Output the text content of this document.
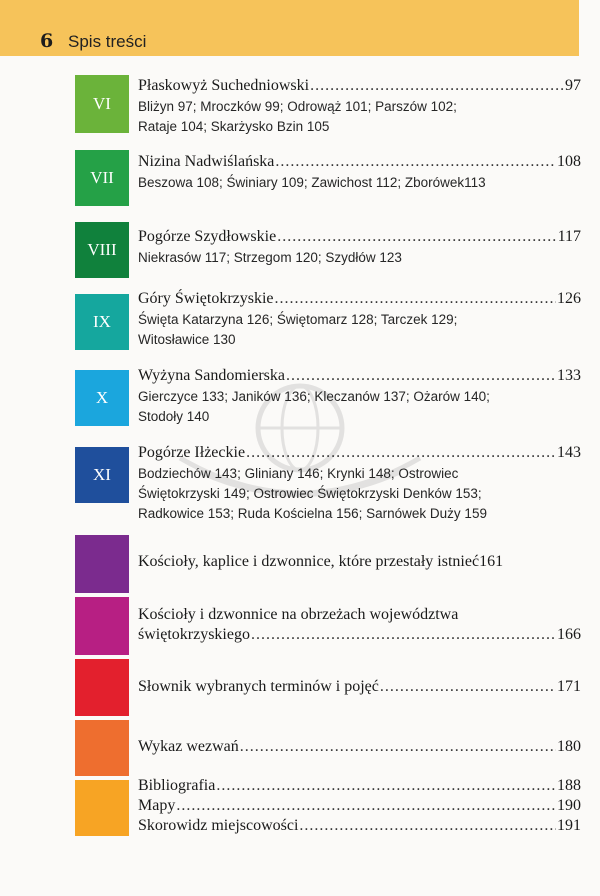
6 Spis treści
VI
Płaskowyż Suchedniowski .....	97
Bliżyn 97; Mroczków 99; Odrowąż 101; Parszów 102;
Rataje 104; Skarżysko Bzin 105
VII
Nizina Nadwiślańska .....	108
Beszowa 108; Świniary 109; Zawichost 112; Zborówek113
VIII
Pogórze Szydłowskie .....	117
Niekrasów 117; Strzegom 120; Szydłów 123
IX
Góry Świętokrzyskie .....	126
Święta Katarzyna 126; Świętomarz 128; Tarczek 129;
Witosławice 130
X
Wyżyna Sandomierska .....	133
Gierczyce 133; Janików 136; Kleczanów 137; Ożarów 140;
Stodoły 140
XI
Pogórze Iłżeckie .....	143
Bodziechów 143; Gliniany 146; Krynki 148; Ostrowiec
Świętokrzyski 149; Ostrowiec Świętokrzyski Denków 153;
Radkowice 153; Ruda Kościelna 156; Sarnówek Duży 159
Kościoły, kaplice i dzwonnice, które przestały istnieć 161
Kościoły i dzwonnice na obrzeżach województwa
świętokrzyskiego .....	166
Słownik wybranych terminów i pojęć .....	171
Wykaz wezwań .....	180
Bibliografia .....	188
Mapy .....	190
Skorowidz miejscowości .....	191
